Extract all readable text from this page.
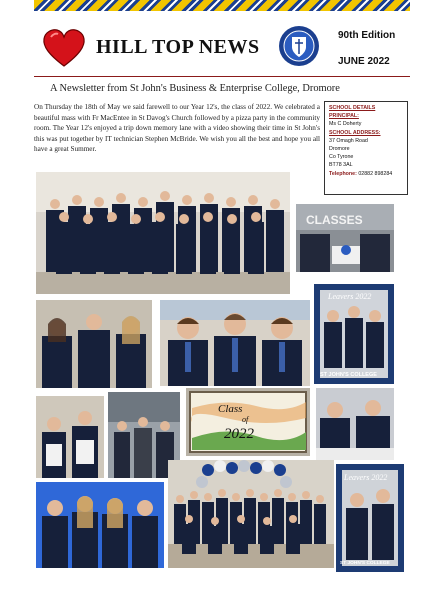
HILL TOP NEWS
90th Edition
JUNE 2022
A Newsletter from St John's Business & Enterprise College, Dromore
On Thursday the 18th of May we said farewell to our Year 12's, the class of 2022. We celebrated a beautiful mass with Fr MacEntee in St Davog's Church followed by a pizza party in the community room. The Year 12's enjoyed a trip down memory lane with a video showing their time in St John's this was put together by IT technician Stephen McBride. We wish you all the best and hope you all have a great Summer.
SCHOOL DETAILS
PRINCIPAL:
Ms C Doherty
SCHOOL ADDRESS:
37 Omagh Road
Dromore
Co Tyrone
BT78 3AL
Telephone: 02882 898284
CLASSES
Leavers 2022
ST JOHN'S COLLEGE
Class
of
2022
Leavers 2022
ST JOHN'S COLLEGE
